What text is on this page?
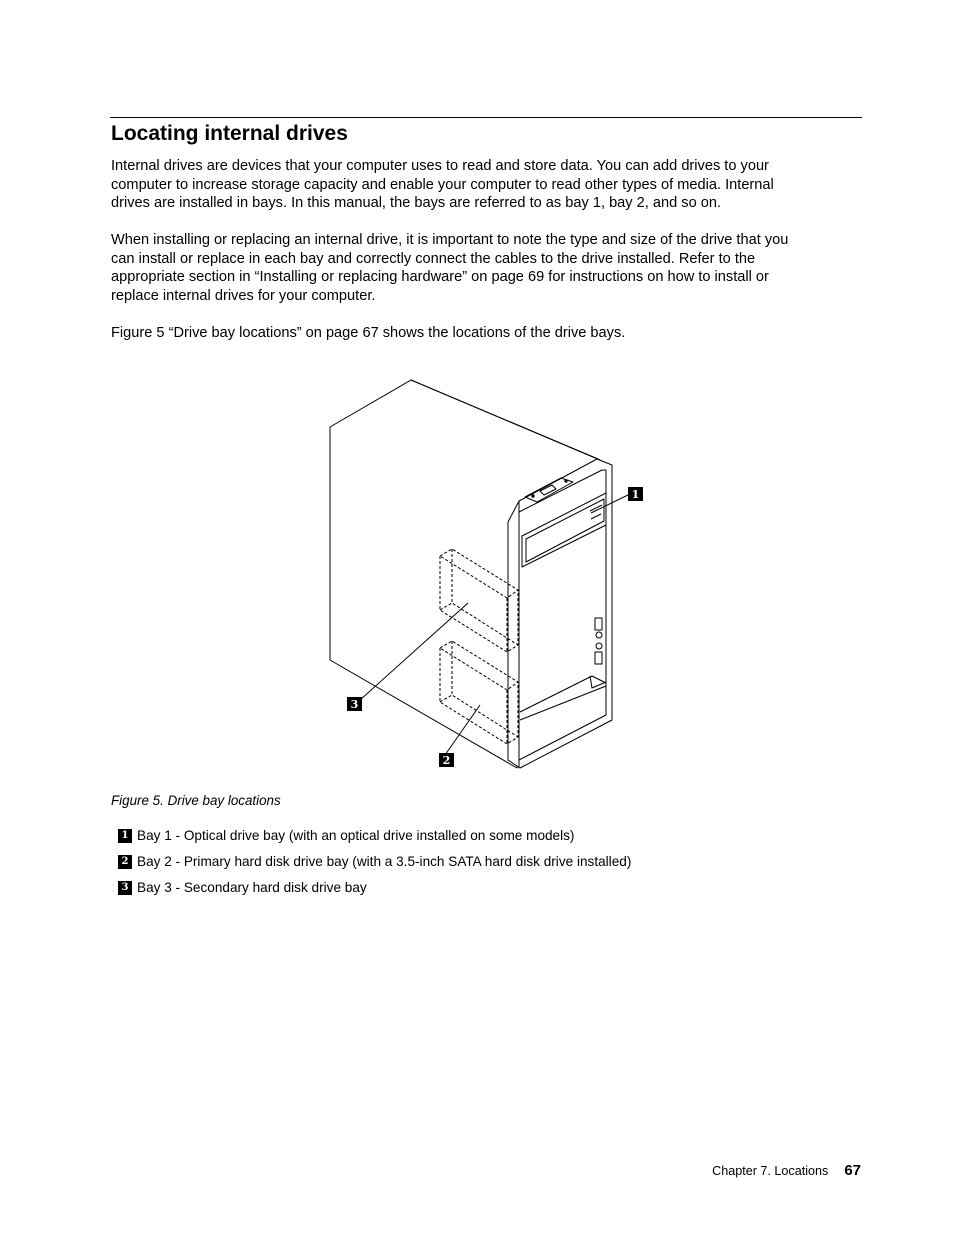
Locating internal drives

Internal drives are devices that your computer uses to read and store data. You can add drives to your
computer to increase storage capacity and enable your computer to read other types of media. Internal
drives are installed in bays. In this manual, the bays are referred to as bay 1, bay 2, and so on.

When installing or replacing an internal drive, it is important to note the type and size of the drive that you
can install or replace in each bay and correctly connect the cables to the drive installed. Refer to the
appropriate section in “Installing or replacing hardware” on page 69 for instructions on how to install or
replace internal drives for your computer.

Figure 5 “Drive bay locations” on page 67 shows the locations of the drive bays.

1
3
2

Figure 5. Drive bay locations

1 Bay 1 - Optical drive bay (with an optical drive installed on some models)
2 Bay 2 - Primary hard disk drive bay (with a 3.5-inch SATA hard disk drive installed)
3 Bay 3 - Secondary hard disk drive bay
Chapter 7. Locations 67
